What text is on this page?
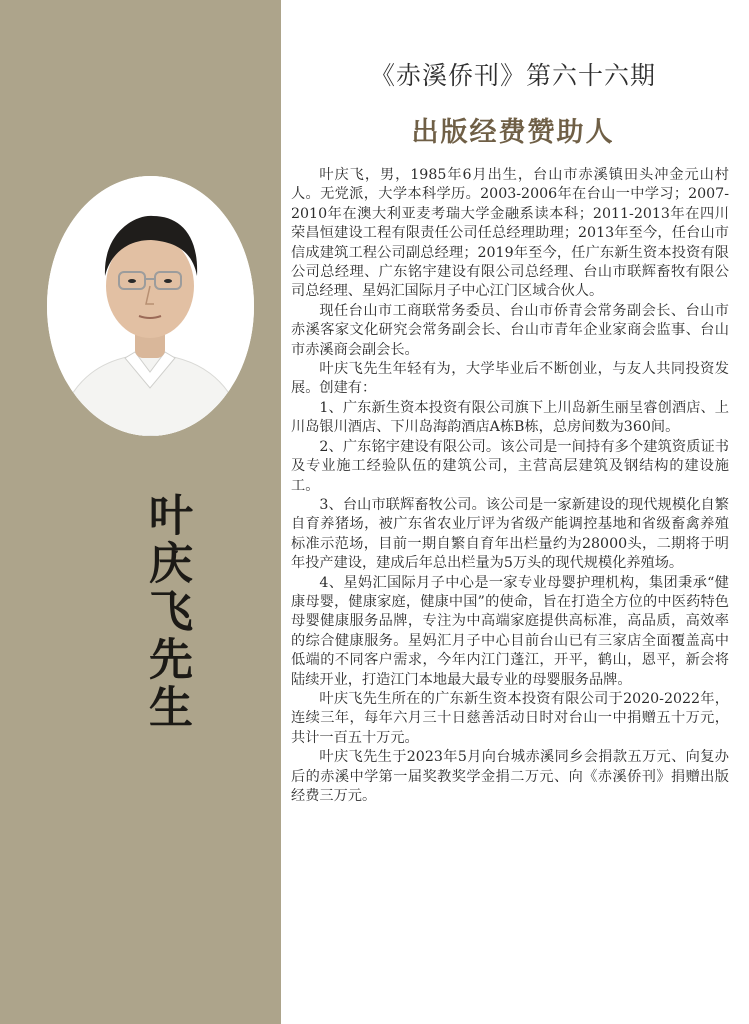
叶庆飞先生
《赤溪侨刊》第六十六期
出版经费赞助人

叶庆飞，男，1985年6月出生，台山市赤溪镇田头冲金元山村人。无党派，大学本科学历。2003-2006年在台山一中学习；2007-2010年在澳大利亚麦考瑞大学金融系读本科；2011-2013年在四川荣昌恒建设工程有限责任公司任总经理助理；2013年至今，任台山市信成建筑工程公司副总经理；2019年至今，任广东新生资本投资有限公司总经理、广东铭宇建设有限公司总经理、台山市联辉畜牧有限公司总经理、星妈汇国际月子中心江门区域合伙人。

现任台山市工商联常务委员、台山市侨青会常务副会长、台山市赤溪客家文化研究会常务副会长、台山市青年企业家商会监事、台山市赤溪商会副会长。

叶庆飞先生年轻有为，大学毕业后不断创业，与友人共同投资发展。创建有：

1、广东新生资本投资有限公司旗下上川岛新生丽呈睿创酒店、上川岛银川酒店、下川岛海韵酒店A栋B栋，总房间数为360间。

2、广东铭宇建设有限公司。该公司是一间持有多个建筑资质证书及专业施工经验队伍的建筑公司，主营高层建筑及钢结构的建设施工。

3、台山市联辉畜牧公司。该公司是一家新建设的现代规模化自繁自育养猪场，被广东省农业厅评为省级产能调控基地和省级畜禽养殖标准示范场，目前一期自繁自育年出栏量约为28000头，二期将于明年投产建设，建成后年总出栏量为5万头的现代规模化养殖场。

4、星妈汇国际月子中心是一家专业母婴护理机构，集团秉承“健康母婴，健康家庭，健康中国”的使命，旨在打造全方位的中医药特色母婴健康服务品牌，专注为中高端家庭提供高标准，高品质，高效率的综合健康服务。星妈汇月子中心目前台山已有三家店全面覆盖高中低端的不同客户需求，今年内江门蓬江，开平，鹤山，恩平，新会将陆续开业，打造江门本地最大最专业的母婴服务品牌。

叶庆飞先生所在的广东新生资本投资有限公司于2020-2022年，连续三年，每年六月三十日慈善活动日时对台山一中捐赠五十万元，共计一百五十万元。

叶庆飞先生于2023年5月向台城赤溪同乡会捐款五万元、向复办后的赤溪中学第一届奖教奖学金捐二万元、向《赤溪侨刊》捐赠出版经费三万元。
